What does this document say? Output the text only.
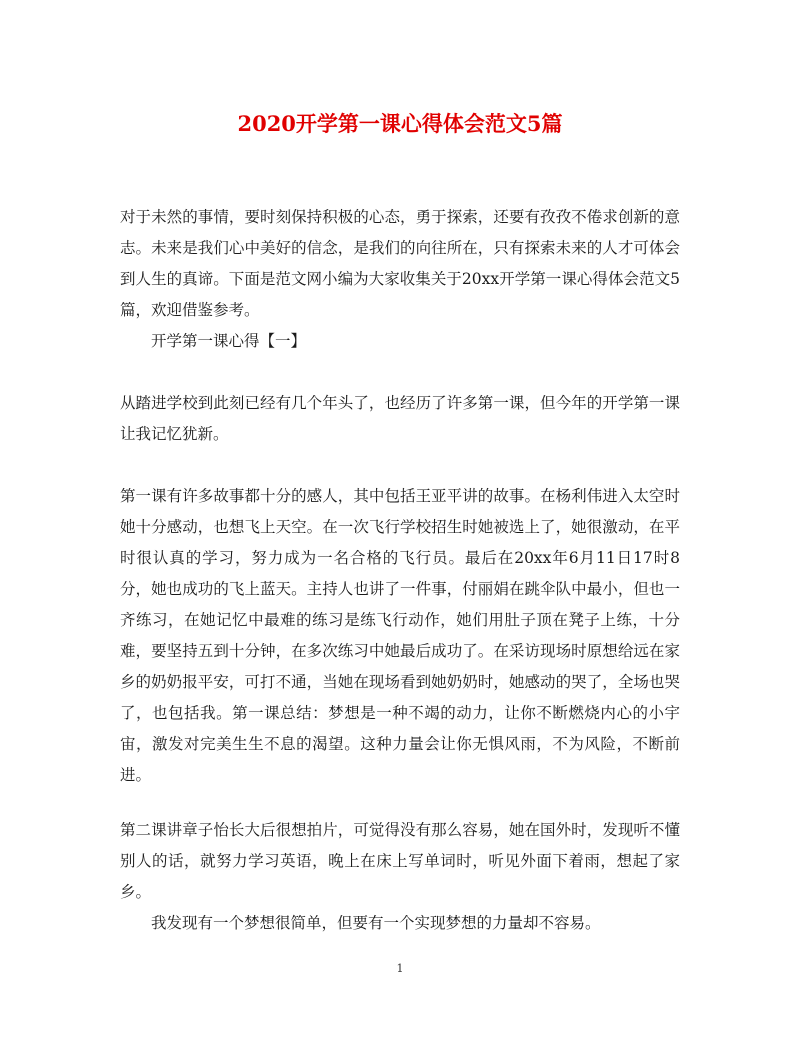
2020开学第一课心得体会范文5篇

对于未然的事情，要时刻保持积极的心态，勇于探索，还要有孜孜不倦求创新的意志。未来是我们心中美好的信念，是我们的向往所在，只有探索未来的人才可体会到人生的真谛。下面是范文网小编为大家收集关于20xx开学第一课心得体会范文5篇，欢迎借鉴参考。

开学第一课心得【一】

从踏进学校到此刻已经有几个年头了，也经历了许多第一课，但今年的开学第一课让我记忆犹新。

第一课有许多故事都十分的感人，其中包括王亚平讲的故事。在杨利伟进入太空时她十分感动，也想飞上天空。在一次飞行学校招生时她被选上了，她很激动，在平时很认真的学习，努力成为一名合格的飞行员。最后在20xx年6月11日17时8分，她也成功的飞上蓝天。主持人也讲了一件事，付丽娟在跳伞队中最小，但也一齐练习，在她记忆中最难的练习是练飞行动作，她们用肚子顶在凳子上练，十分难，要坚持五到十分钟，在多次练习中她最后成功了。在采访现场时原想给远在家乡的奶奶报平安，可打不通，当她在现场看到她奶奶时，她感动的哭了，全场也哭了，也包括我。第一课总结：梦想是一种不竭的动力，让你不断燃烧内心的小宇宙，激发对完美生生不息的渴望。这种力量会让你无惧风雨，不为风险，不断前进。

第二课讲章子怡长大后很想拍片，可觉得没有那么容易，她在国外时，发现听不懂别人的话，就努力学习英语，晚上在床上写单词时，听见外面下着雨，想起了家乡。

我发现有一个梦想很简单，但要有一个实现梦想的力量却不容易。

1
